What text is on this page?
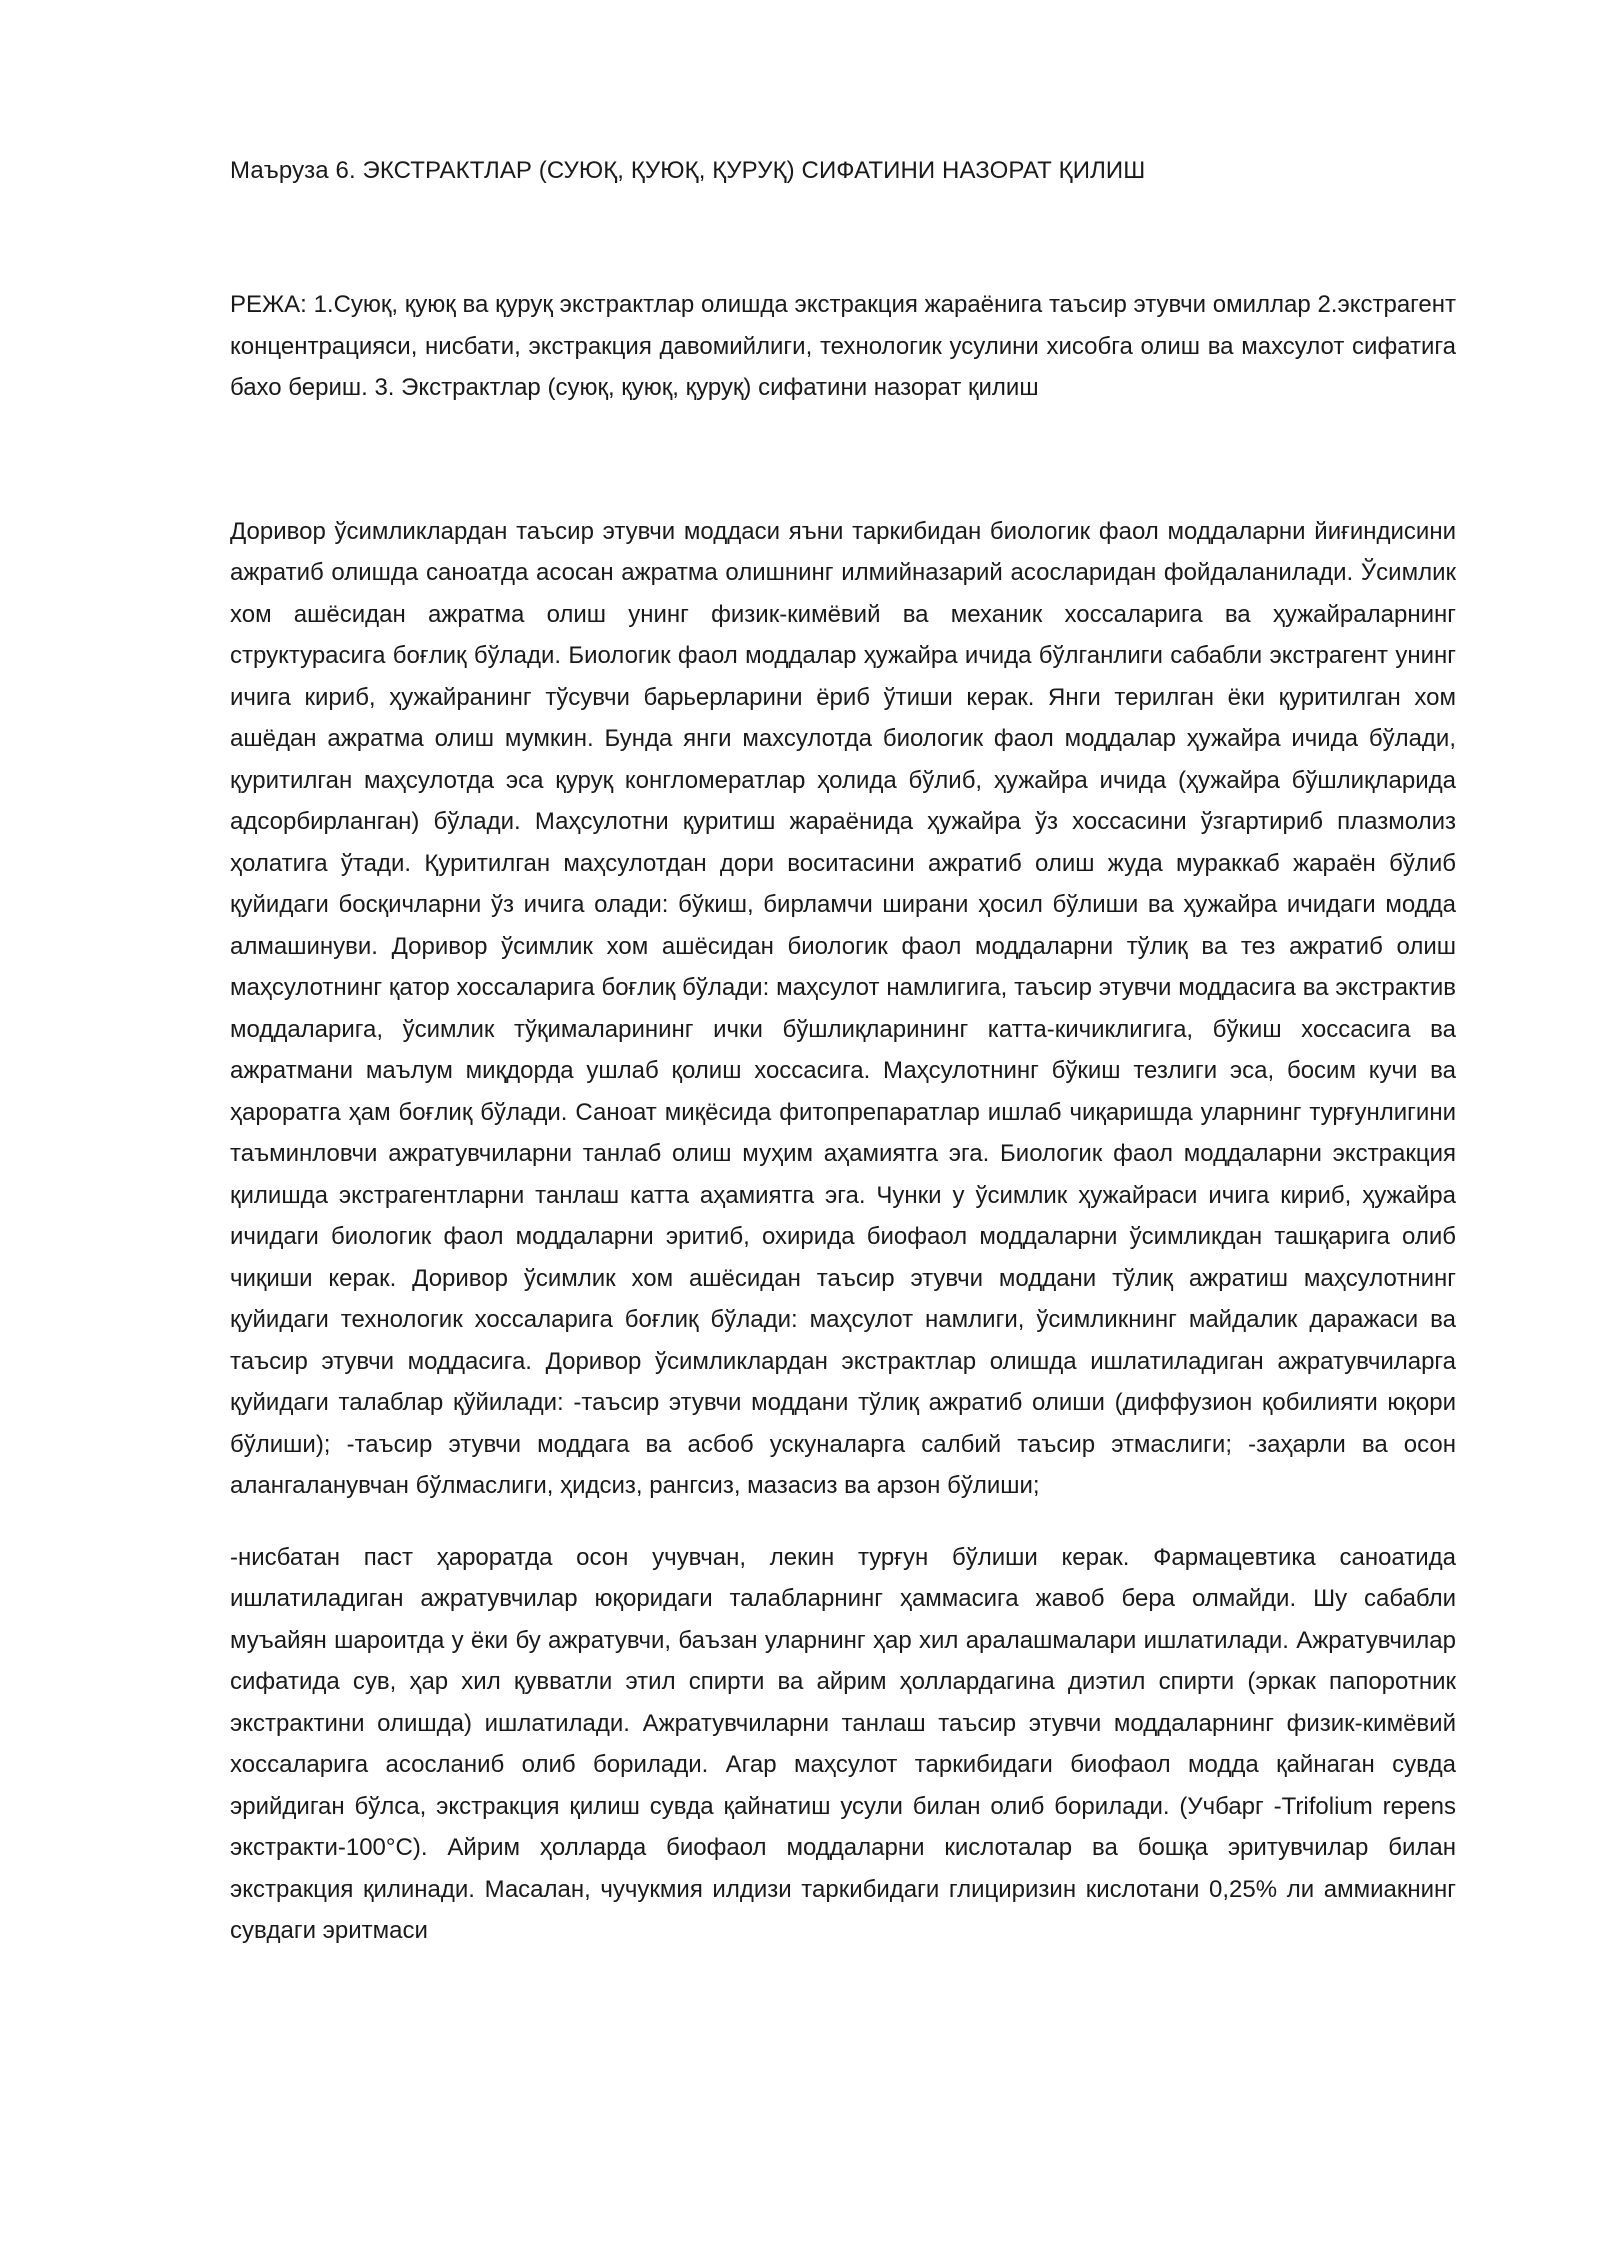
Маъруза 6. ЭКСТРАКТЛАР (СУЮҚ, ҚУЮҚ, ҚУРУҚ) СИФАТИНИ НАЗОРАТ ҚИЛИШ

РЕЖА: 1.Суюқ, қуюқ ва қуруқ экстрактлар олишда экстракция жараёнига таъсир этувчи омиллар 2.экстрагент концентрацияси, нисбати, экстракция давомийлиги, технологик усулини хисобга олиш ва махсулот сифатига бахо бериш. 3. Экстрактлар (суюқ, қуюқ, қуруқ) сифатини назорат қилиш

Доривор ўсимликлардан таъсир этувчи моддаси яъни таркибидан биологик фаол моддаларни йиғиндисини ажратиб олишда саноатда асосан ажратма олишнинг илмийназарий асосларидан фойдаланилади. Ўсимлик хом ашёсидан ажратма олиш унинг физик-кимёвий ва механик хоссаларига ва ҳужайраларнинг структурасига боғлиқ бўлади. Биологик фаол моддалар ҳужайра ичида бўлганлиги сабабли экстрагент унинг ичига кириб, ҳужайранинг тўсувчи барьерларини ёриб ўтиши керак. Янги терилган ёки қуритилган хом ашёдан ажратма олиш мумкин. Бунда янги махсулотда биологик фаол моддалар ҳужайра ичида бўлади, қуритилган маҳсулотда эса қуруқ конгломератлар ҳолида бўлиб, ҳужайра ичида (ҳужайра бўшлиқларида адсорбирланган) бўлади. Маҳсулотни қуритиш жараёнида ҳужайра ўз хоссасини ўзгартириб плазмолиз ҳолатига ўтади. Қуритилган маҳсулотдан дори воситасини ажратиб олиш жуда мураккаб жараён бўлиб қуйидаги босқичларни ўз ичига олади: бўкиш, бирламчи ширани ҳосил бўлиши ва ҳужайра ичидаги модда алмашинуви. Доривор ўсимлик хом ашёсидан биологик фаол моддаларни тўлиқ ва тез ажратиб олиш маҳсулотнинг қатор хоссаларига боғлиқ бўлади: маҳсулот намлигига, таъсир этувчи моддасига ва экстрактив моддаларига, ўсимлик тўқималарининг ички бўшлиқларининг катта-кичиклигига, бўкиш хоссасига ва ажратмани маълум миқдорда ушлаб қолиш хоссасига. Маҳсулотнинг бўкиш тезлиги эса, босим кучи ва ҳароратга ҳам боғлиқ бўлади. Саноат миқёсида фитопрепаратлар ишлаб чиқаришда уларнинг турғунлигини таъминловчи ажратувчиларни танлаб олиш муҳим аҳамиятга эга. Биологик фаол моддаларни экстракция қилишда экстрагентларни танлаш катта аҳамиятга эга. Чунки у ўсимлик ҳужайраси ичига кириб, ҳужайра ичидаги биологик фаол моддаларни эритиб, охирида биофаол моддаларни ўсимликдан ташқарига олиб чиқиши керак. Доривор ўсимлик хом ашёсидан таъсир этувчи моддани тўлиқ ажратиш маҳсулотнинг қуйидаги технологик хоссаларига боғлиқ бўлади: маҳсулот намлиги, ўсимликнинг майдалик даражаси ва таъсир этувчи моддасига. Доривор ўсимликлардан экстрактлар олишда ишлатиладиган ажратувчиларга қуйидаги талаблар қўйилади: -таъсир этувчи моддани тўлиқ ажратиб олиши (диффузион қобилияти юқори бўлиши); -таъсир этувчи моддага ва асбоб ускуналарга салбий таъсир этмаслиги; -заҳарли ва осон алангаланувчан бўлмаслиги, ҳидсиз, рангсиз, мазасиз ва арзон бўлиши;

-нисбатан паст ҳароратда осон учувчан, лекин турғун бўлиши керак. Фармацевтика саноатида ишлатиладиган ажратувчилар юқоридаги талабларнинг ҳаммасига жавоб бера олмайди. Шу сабабли муъайян шароитда у ёки бу ажратувчи, баъзан уларнинг ҳар хил аралашмалари ишлатилади. Ажратувчилар сифатида сув, ҳар хил қувватли этил спирти ва айрим ҳоллардагина диэтил спирти (эркак папоротник экстрактини олишда) ишлатилади. Ажратувчиларни танлаш таъсир этувчи моддаларнинг физик-кимёвий хоссаларига асосланиб олиб борилади. Агар маҳсулот таркибидаги биофаол модда қайнаган сувда эрийдиган бўлса, экстракция қилиш сувда қайнатиш усули билан олиб борилади. (Учбарг -Trifolium repens экстракти-100°С). Айрим ҳолларда биофаол моддаларни кислоталар ва бошқа эритувчилар билан экстракция қилинади. Масалан, чучукмия илдизи таркибидаги глициризин кислотани 0,25% ли аммиакнинг сувдаги эритмаси
